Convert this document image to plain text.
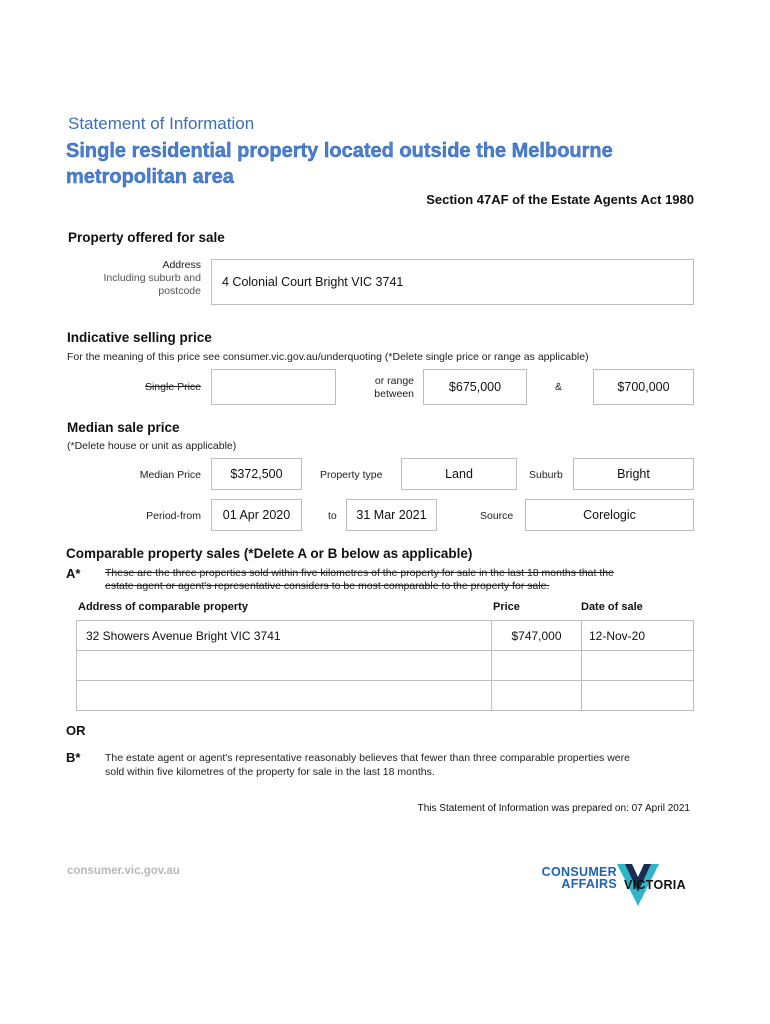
Statement of Information
Single residential property located outside the Melbourne
metropolitan area
Section 47AF of the Estate Agents Act 1980
Property offered for sale
Address
Including suburb and
postcode
4 Colonial Court Bright VIC 3741
Indicative selling price
For the meaning of this price see consumer.vic.gov.au/underquoting (*Delete single price or range as applicable)
Single Price	or range
between	$675,000	&	$700,000
Median sale price
(*Delete house or unit as applicable)
Median Price $372,500	Property type	Land	Suburb	Bright
Period-from 01 Apr 2020	to 31 Mar 2021	Source	Corelogic
Comparable property sales (*Delete A or B below as applicable)
A* These are the three properties sold within five kilometres of the property for sale in the last 18 months that the
estate agent or agent's representative considers to be most comparable to the property for sale.
Address of comparable property	Price	Date of sale
32 Showers Avenue Bright VIC 3741	$747,000	12-Nov-20

OR
B* The estate agent or agent's representative reasonably believes that fewer than three comparable properties were
sold within five kilometres of the property for sale in the last 18 months.
This Statement of Information was prepared on: 07 April 2021
consumer.vic.gov.au	CONSUMER
AFFAIRS VICTORIA
